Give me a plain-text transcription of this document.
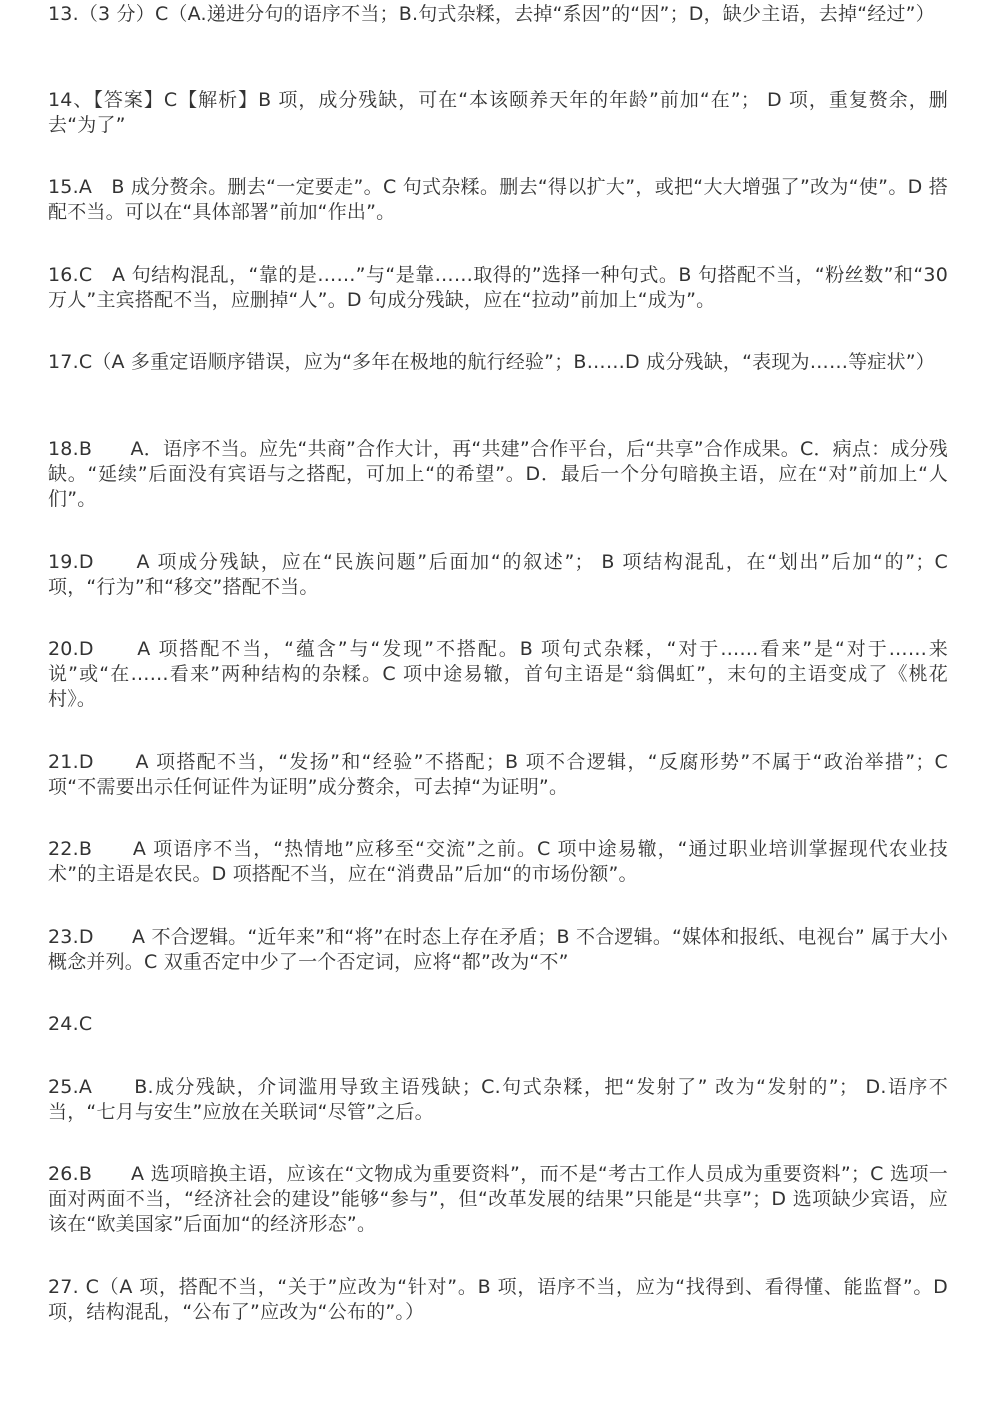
13.（3 分）C（A.递进分句的语序不当；B.句式杂糅，去掉“系因”的“因”；D，缺少主语，去掉“经过”）
14、【答案】C【解析】B 项，成分残缺，可在“本该颐养天年的年龄”前加“在”； D 项，重复赘余，删去“为了”
15.A　B 成分赘余。删去“一定要走”。C 句式杂糅。删去“得以扩大”，或把“大大增强了”改为“使”。D 搭配不当。可以在“具体部署”前加“作出”。
16.C　A 句结构混乱，“靠的是……”与“是靠……取得的”选择一种句式。B 句搭配不当，“粉丝数”和“30 万人”主宾搭配不当，应删掉“人”。D 句成分残缺，应在“拉动”前加上“成为”。
17.C（A 多重定语顺序错误，应为“多年在极地的航行经验”；B……D 成分残缺，“表现为……等症状”）
18.B　　A．语序不当。应先“共商”合作大计，再“共建”合作平台，后“共享”合作成果。C．病点：成分残缺。“延续”后面没有宾语与之搭配，可加上“的希望”。D．最后一个分句暗换主语，应在“对”前加上“人们”。
19.D　　A 项成分残缺，应在“民族问题”后面加“的叙述”； B 项结构混乱，在“划出”后加“的”；C 项，“行为”和“移交”搭配不当。
20.D　　A 项搭配不当，“蕴含”与“发现”不搭配。B 项句式杂糅，“对于……看来”是“对于……来说”或“在……看来”两种结构的杂糅。C 项中途易辙，首句主语是“翁偶虹”，末句的主语变成了《桃花村》。
21.D　　A 项搭配不当，“发扬”和“经验”不搭配；B 项不合逻辑，“反腐形势”不属于“政治举措”；C 项“不需要出示任何证件为证明”成分赘余，可去掉“为证明”。
22.B　　A 项语序不当，“热情地”应移至“交流”之前。C 项中途易辙，“通过职业培训掌握现代农业技术”的主语是农民。D 项搭配不当，应在“消费品”后加“的市场份额”。
23.D　　A 不合逻辑。“近年来”和“将”在时态上存在矛盾；B 不合逻辑。“媒体和报纸、电视台” 属于大小概念并列。C 双重否定中少了一个否定词，应将“都”改为“不”
24.C
25.A　　B.成分残缺，介词滥用导致主语残缺；C.句式杂糅，把“发射了” 改为“发射的”； D.语序不当，“七月与安生”应放在关联词“尽管”之后。
26.B　　A 选项暗换主语，应该在“文物成为重要资料”，而不是“考古工作人员成为重要资料”；C 选项一面对两面不当，“经济社会的建设”能够“参与”，但“改革发展的结果”只能是“共享”；D 选项缺少宾语，应该在“欧美国家”后面加“的经济形态”。
27. C（A 项，搭配不当，“关于”应改为“针对”。B 项，语序不当，应为“找得到、看得懂、能监督”。D 项，结构混乱，“公布了”应改为“公布的”。）
